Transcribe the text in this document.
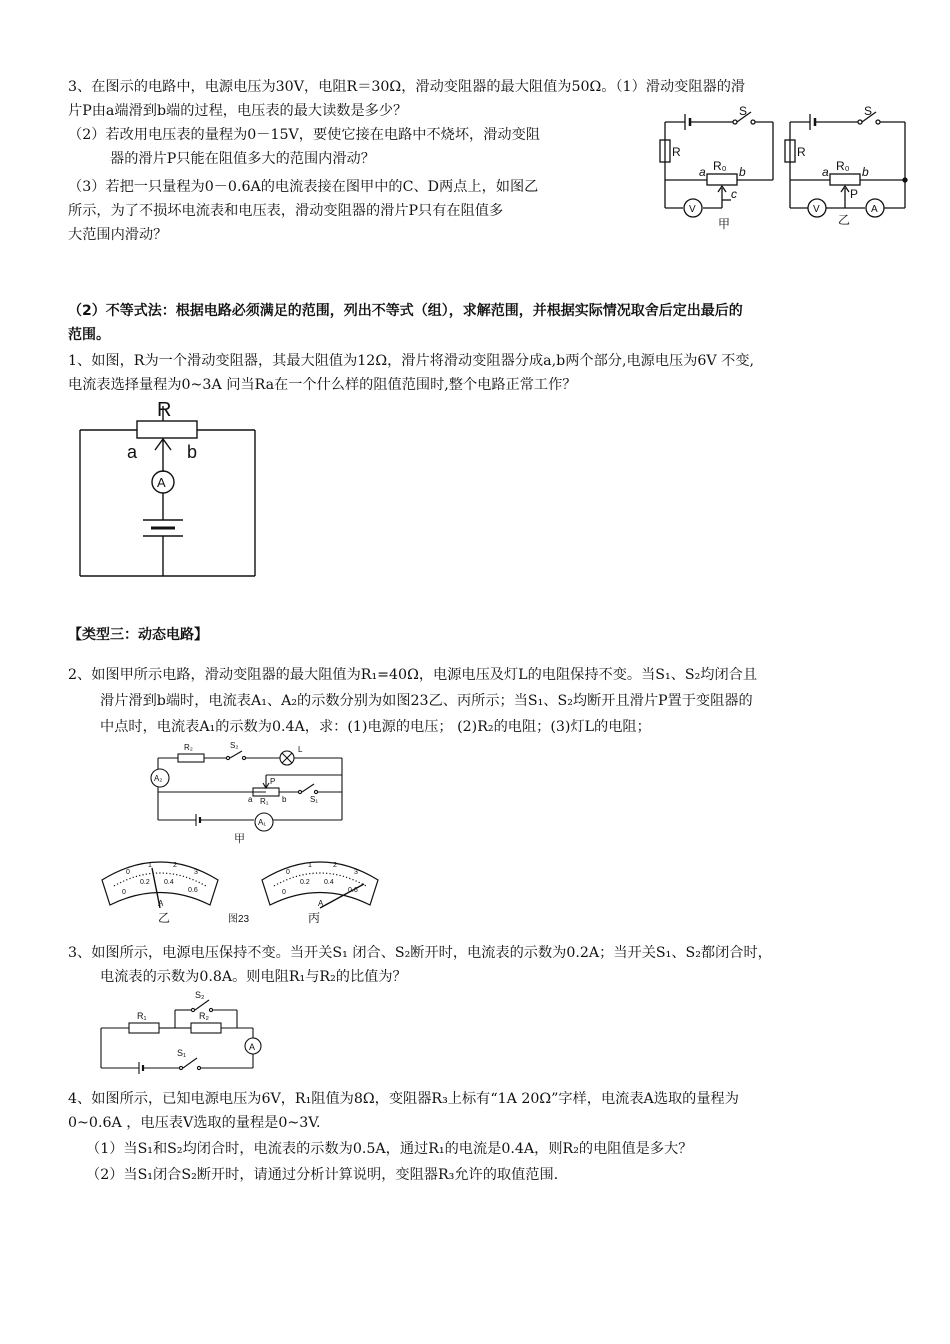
3、在图示的电路中，电源电压为30V，电阻R＝30Ω，滑动变阻器的最大阻值为50Ω。（1）滑动变阻器的滑
片P由a端滑到b端的过程，电压表的最大读数是多少？
（2）若改用电压表的量程为0－15V，要使它接在电路中不烧坏，滑动变阻
器的滑片P只能在阻值多大的范围内滑动？
（3）若把一只量程为0－0.6A的电流表接在图甲中的C、D两点上，如图乙
所示，为了不损坏电流表和电压表，滑动变阻器的滑片P只有在阻值多
大范围内滑动？
R
S
a R₀ b
c
V
甲
R
S
a R₀ b
P
V	A
乙
（2）不等式法：根据电路必须满足的范围，列出不等式（组），求解范围，并根据实际情况取舍后定出最后的
范围。
1、如图，R为一个滑动变阻器，其最大阻值为12Ω，滑片将滑动变阻器分成a,b两个部分,电源电压为6V 不变,
电流表选择量程为0~3A 问当Ra在一个什么样的阻值范围时,整个电路正常工作？
R
a	b
A
【类型三：动态电路】
2、如图甲所示电路，滑动变阻器的最大阻值为R₁=40Ω，电源电压及灯L的电阻保持不变。当S₁、S₂均闭合且
滑片滑到b端时，电流表A₁、A₂的示数分别为如图23乙、丙所示；当S₁、S₂均断开且滑片P置于变阻器的
中点时，电流表A₁的示数为0.4A，求：(1)电源的电压； (2)R₂的电阻；(3)灯L的电阻；
R₂	S₂	L
A₂	P
a R₁ b	S₁
A₁
甲
0
1	2
3
0
0.2 0.4
0.6
A
乙	图23
0
1	2
3
0
0.2 0.4
0.6
A
丙
3、如图所示，电源电压保持不变。当开关S₁ 闭合、S₂断开时，电流表的示数为0.2A；当开关S₁、S₂都闭合时，
电流表的示数为0.8A。则电阻R₁与R₂的比值为？
S₂
R₁	R₂
A
S₁
4、如图所示，已知电源电压为6V，R₁阻值为8Ω，变阻器R₃上标有“1A 20Ω”字样，电流表A选取的量程为
0~0.6A ，电压表V选取的量程是0~3V.
（1）当S₁和S₂均闭合时，电流表的示数为0.5A，通过R₁的电流是0.4A，则R₂的电阻值是多大？
（2）当S₁闭合S₂断开时，请通过分析计算说明，变阻器R₃允许的取值范围.
